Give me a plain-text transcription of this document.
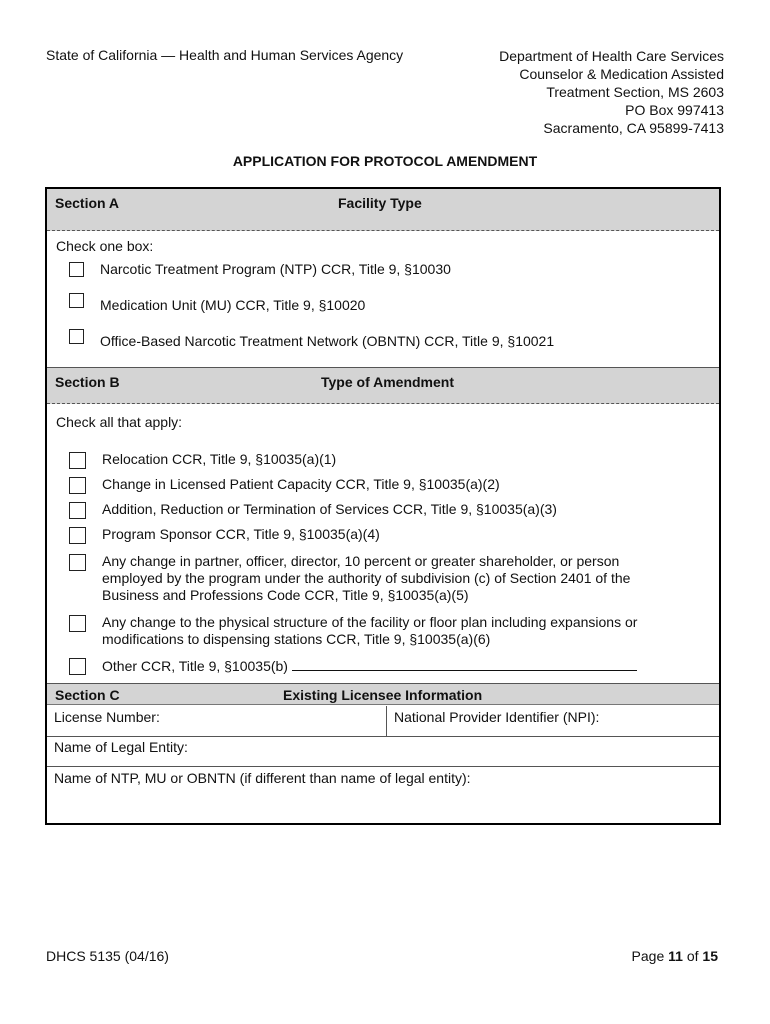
State of California — Health and Human Services Agency	Department of Health Care Services
Counselor & Medication Assisted
Treatment Section, MS 2603
PO Box 997413
Sacramento, CA 95899-7413
APPLICATION FOR PROTOCOL AMENDMENT
Section A	Facility Type
Check one box:
Narcotic Treatment Program (NTP) CCR, Title 9, §10030
Medication Unit (MU) CCR, Title 9, §10020
Office-Based Narcotic Treatment Network (OBNTN) CCR, Title 9, §10021
Section B	Type of Amendment
Check all that apply:
Relocation CCR, Title 9, §10035(a)(1)
Change in Licensed Patient Capacity CCR, Title 9, §10035(a)(2)
Addition, Reduction or Termination of Services CCR, Title 9, §10035(a)(3)
Program Sponsor CCR, Title 9, §10035(a)(4)
Any change in partner, officer, director, 10 percent or greater shareholder, or person employed by the program under the authority of subdivision (c) of Section 2401 of the Business and Professions Code CCR, Title 9, §10035(a)(5)
Any change to the physical structure of the facility or floor plan including expansions or modifications to dispensing stations CCR, Title 9, §10035(a)(6)
Other CCR, Title 9, §10035(b)
Section C	Existing Licensee Information
License Number:	National Provider Identifier (NPI):
Name of Legal Entity:
Name of NTP, MU or OBNTN (if different than name of legal entity):
DHCS 5135 (04/16)	Page 11 of 15
